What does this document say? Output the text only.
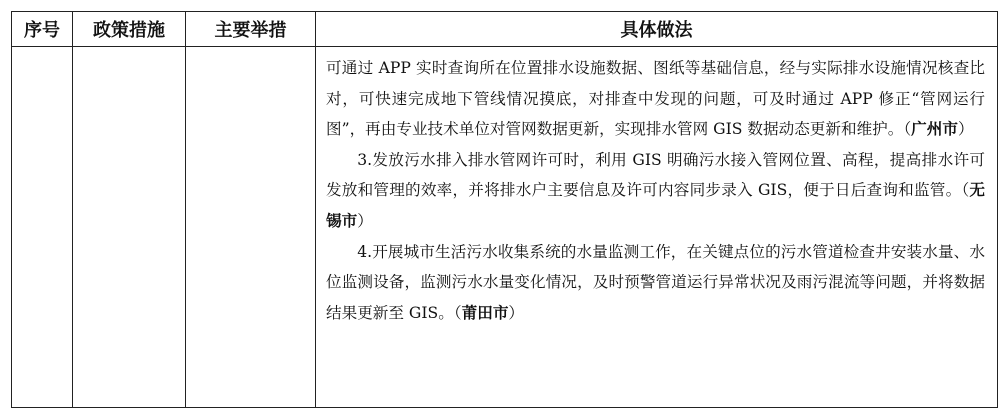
序号	政策措施	主要举措	具体做法

			可通过 APP 实时查询所在位置排水设施数据、图纸等基础信息，经与实际排水设施情况核查比对，可快速完成地下管线情况摸底，对排查中发现的问题，可及时通过 APP 修正“管网运行图”，再由专业技术单位对管网数据更新，实现排水管网 GIS 数据动态更新和维护。（广州市）

3.发放污水排入排水管网许可时，利用 GIS 明确污水接入管网位置、高程，提高排水许可发放和管理的效率，并将排水户主要信息及许可内容同步录入 GIS，便于日后查询和监管。（无锡市）

4.开展城市生活污水收集系统的水量监测工作，在关键点位的污水管道检查井安装水量、水位监测设备，监测污水水量变化情况，及时预警管道运行异常状况及雨污混流等问题，并将数据结果更新至 GIS。（莆田市）
